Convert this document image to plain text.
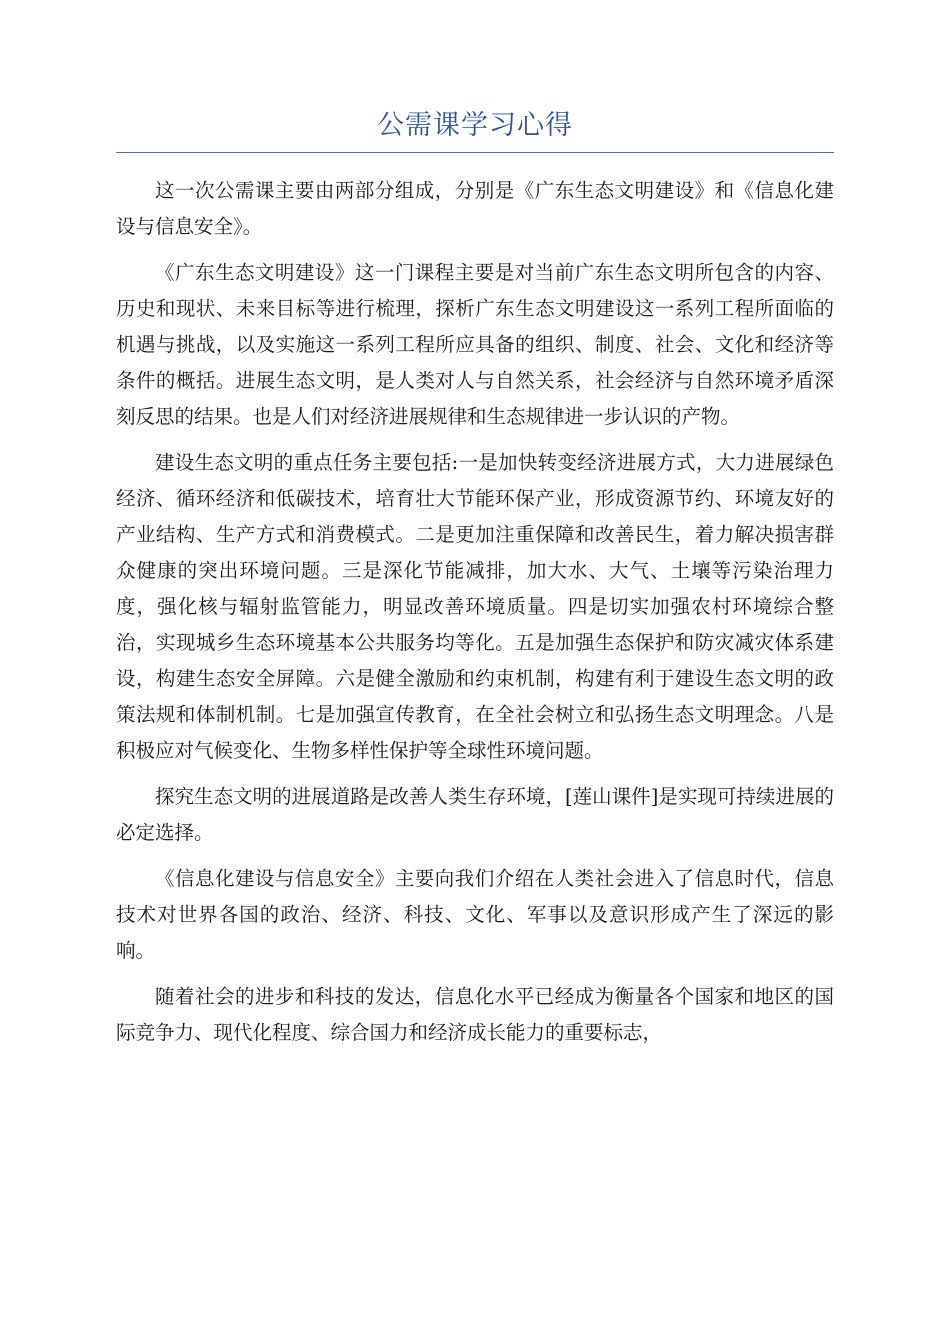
公需课学习心得

这一次公需课主要由两部分组成，分别是《广东生态文明建设》和《信息化建设与信息安全》。

《广东生态文明建设》这一门课程主要是对当前广东生态文明所包含的内容、历史和现状、未来目标等进行梳理，探析广东生态文明建设这一系列工程所面临的机遇与挑战，以及实施这一系列工程所应具备的组织、制度、社会、文化和经济等条件的概括。进展生态文明，是人类对人与自然关系，社会经济与自然环境矛盾深刻反思的结果。也是人们对经济进展规律和生态规律进一步认识的产物。

建设生态文明的重点任务主要包括:一是加快转变经济进展方式，大力进展绿色经济、循环经济和低碳技术，培育壮大节能环保产业，形成资源节约、环境友好的产业结构、生产方式和消费模式。二是更加注重保障和改善民生，着力解决损害群众健康的突出环境问题。三是深化节能减排，加大水、大气、土壤等污染治理力度，强化核与辐射监管能力，明显改善环境质量。四是切实加强农村环境综合整治，实现城乡生态环境基本公共服务均等化。五是加强生态保护和防灾减灾体系建设，构建生态安全屏障。六是健全激励和约束机制，构建有利于建设生态文明的政策法规和体制机制。七是加强宣传教育，在全社会树立和弘扬生态文明理念。八是积极应对气候变化、生物多样性保护等全球性环境问题。

探究生态文明的进展道路是改善人类生存环境，[莲山课件]是实现可持续进展的必定选择。

《信息化建设与信息安全》主要向我们介绍在人类社会进入了信息时代，信息技术对世界各国的政治、经济、科技、文化、军事以及意识形成产生了深远的影响。

随着社会的进步和科技的发达，信息化水平已经成为衡量各个国家和地区的国际竞争力、现代化程度、综合国力和经济成长能力的重要标志，
